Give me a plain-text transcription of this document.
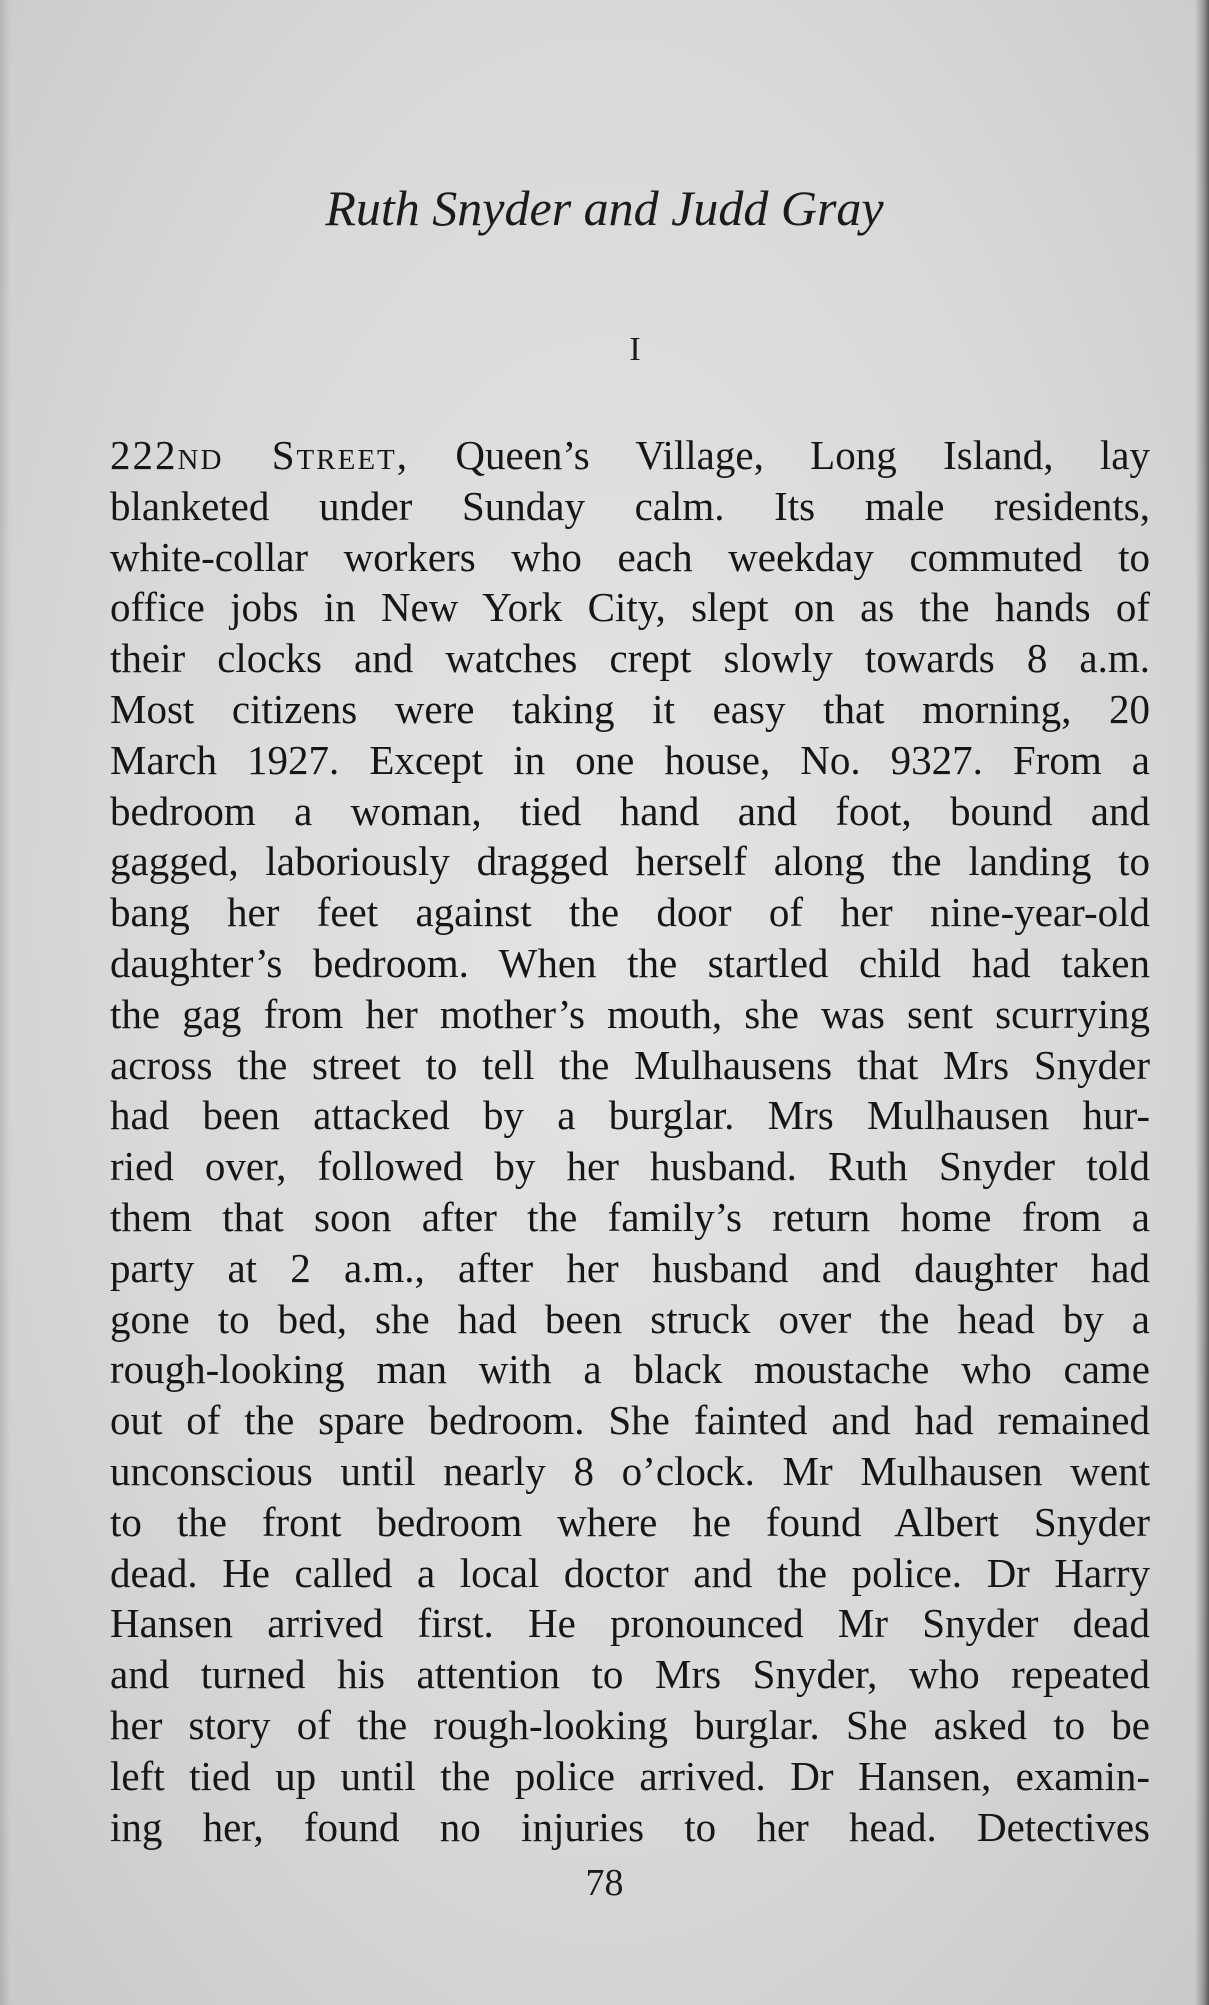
Ruth Snyder and Judd Gray
I
222nd Street, Queen’s Village, Long Island, lay
blanketed under Sunday calm. Its male residents,
white-collar workers who each weekday commuted to
office jobs in New York City, slept on as the hands of
their clocks and watches crept slowly towards 8 a.m.
Most citizens were taking it easy that morning, 20
March 1927. Except in one house, No. 9327. From a
bedroom a woman, tied hand and foot, bound and
gagged, laboriously dragged herself along the landing to
bang her feet against the door of her nine-year-old
daughter’s bedroom. When the startled child had taken
the gag from her mother’s mouth, she was sent scurrying
across the street to tell the Mulhausens that Mrs Snyder
had been attacked by a burglar. Mrs Mulhausen hur-
ried over, followed by her husband. Ruth Snyder told
them that soon after the family’s return home from a
party at 2 a.m., after her husband and daughter had
gone to bed, she had been struck over the head by a
rough-looking man with a black moustache who came
out of the spare bedroom. She fainted and had remained
unconscious until nearly 8 o’clock. Mr Mulhausen went
to the front bedroom where he found Albert Snyder
dead. He called a local doctor and the police. Dr Harry
Hansen arrived first. He pronounced Mr Snyder dead
and turned his attention to Mrs Snyder, who repeated
her story of the rough-looking burglar. She asked to be
left tied up until the police arrived. Dr Hansen, examin-
ing her, found no injuries to her head. Detectives
78
